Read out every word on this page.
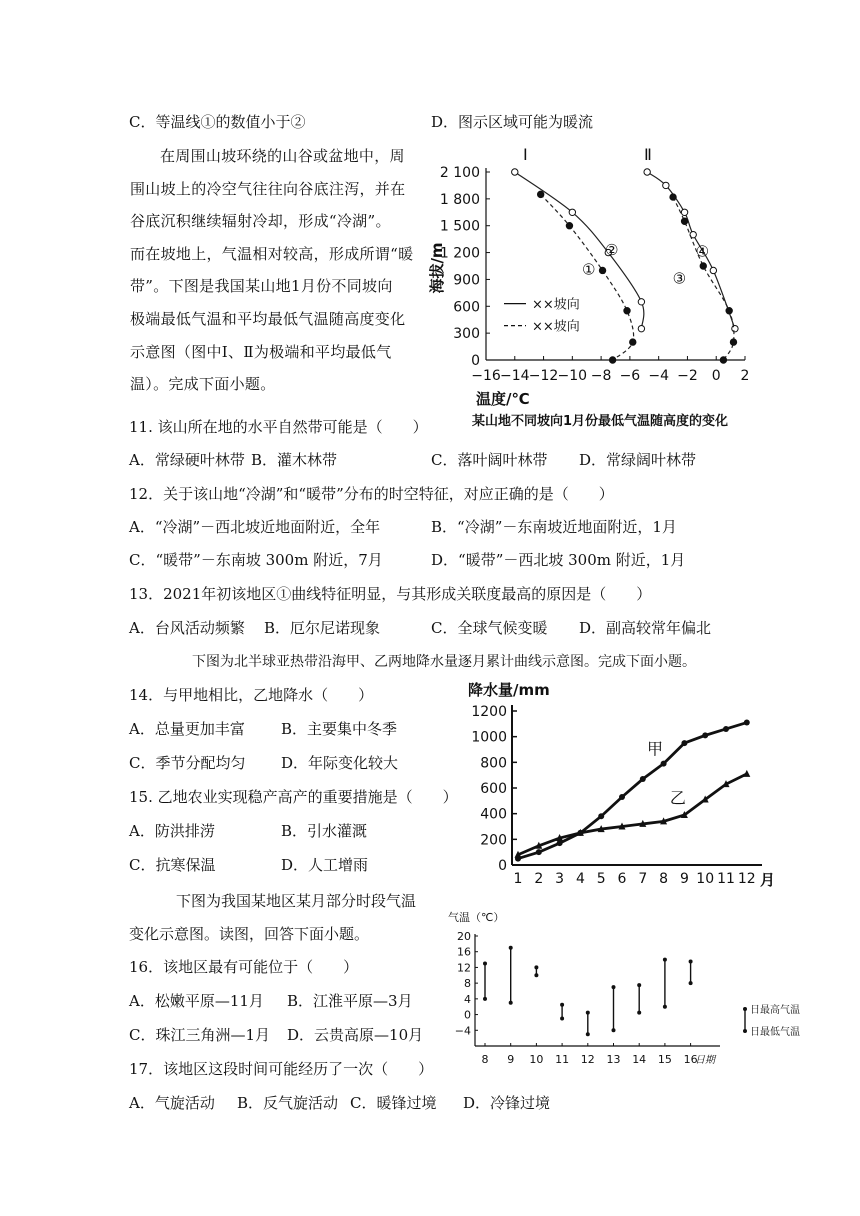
C．等温线①的数值小于②	D．图示区域可能为暖流
在周围山坡环绕的山谷或盆地中，周
围山坡上的冷空气往往向谷底注泻，并在
谷底沉积继续辐射冷却，形成“冷湖”。
而在坡地上，气温相对较高，形成所谓“暖
带”。下图是我国某山地1月份不同坡向
极端最低气温和平均最低气温随高度变化
示意图（图中Ⅰ、Ⅱ为极端和平均最低气
温）。完成下面小题。	−16 −14 −12 −10 −8 −6 −4 −2 0 2
0
300
600
900
1 200
1 500
1 800
2 100
温度/℃
海拔/m
某山地不同坡向1月份最低气温随高度的变化
Ⅰ	Ⅱ
①
②
③
④
××坡向
××坡向
11. 该山所在地的水平自然带可能是（　　）
A．常绿硬叶林带 B．灌木林带	C．落叶阔叶林带 D．常绿阔叶林带
12．关于该山地“冷湖”和“暖带”分布的时空特征，对应正确的是（　　）
A．“冷湖”－西北坡近地面附近，全年	B．“冷湖”－东南坡近地面附近，1月
C．“暖带”－东南坡 300m 附近，7月	D．“暖带”－西北坡 300m 附近，1月
13．2021年初该地区①曲线特征明显，与其形成关联度最高的原因是（　　）
A．台风活动频繁 B．厄尔尼诺现象	C．全球气候变暖 D．副高较常年偏北
下图为北半球亚热带沿海甲、乙两地降水量逐月累计曲线示意图。完成下面小题。
14．与甲地相比，乙地降水（　　）
A．总量更加丰富 B．主要集中冬季
C．季节分配均匀 D．年际变化较大
15. 乙地农业实现稳产高产的重要措施是（　　）
A．防洪排涝	B．引水灌溉
C．抗寒保温	D．人工增雨	0
200
400
600
800
1000
1200
1 2 3 4 5 6 7 8 9 10 11 12
降水量/mm
月
甲
乙
下图为我国某地区某月部分时段气温
变化示意图。读图，回答下面小题。
16．该地区最有可能位于（　　）
A．松嫩平原—11月 B．江淮平原—3月
C．珠江三角洲—1月 D．云贵高原—10月
17．该地区这段时间可能经历了一次（　　）
A．气旋活动 B．反气旋活动 C．暖锋过境 D．冷锋过境
20
16
12
8
4
0
−4
8 9 10 11 12 13 14 15 16
气温（℃）
日期
日最高气温
日最低气温
